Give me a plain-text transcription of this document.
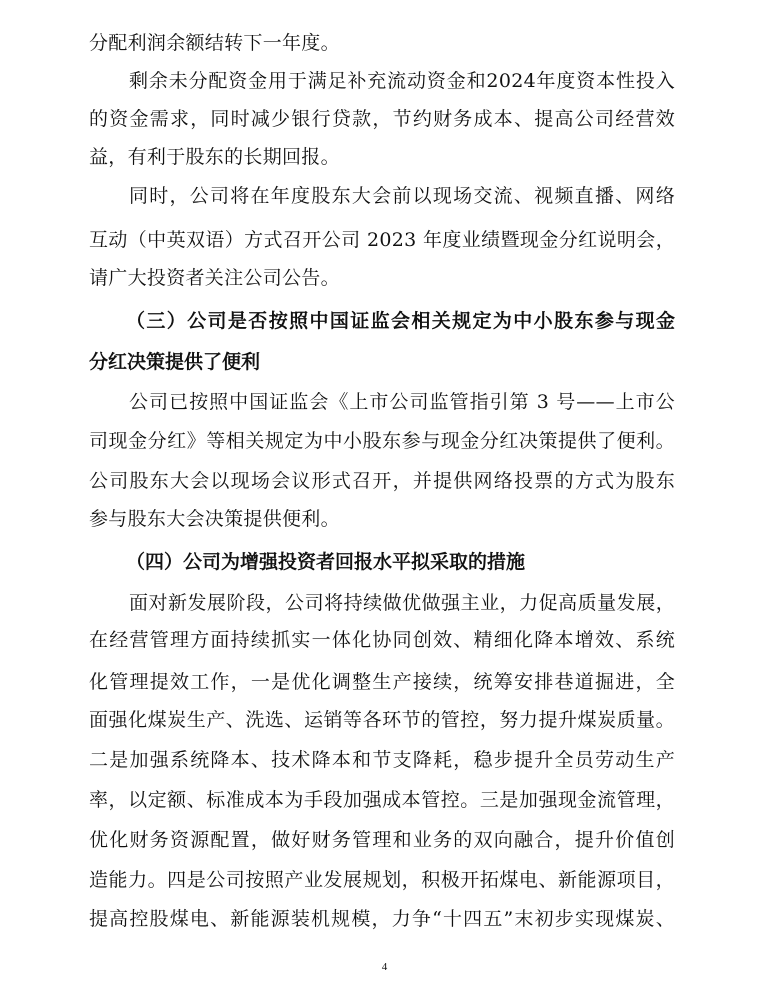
分配利润余额结转下一年度。
剩余未分配资金用于满足补充流动资金和2024年度资本性投入
的资金需求，同时减少银行贷款，节约财务成本、提高公司经营效
益，有利于股东的长期回报。
同时，公司将在年度股东大会前以现场交流、视频直播、网络
互动（中英双语）方式召开公司 2023 年度业绩暨现金分红说明会，
请广大投资者关注公司公告。
（三）公司是否按照中国证监会相关规定为中小股东参与现金
分红决策提供了便利
公司已按照中国证监会《上市公司监管指引第 3 号——上市公
司现金分红》等相关规定为中小股东参与现金分红决策提供了便利。
公司股东大会以现场会议形式召开，并提供网络投票的方式为股东
参与股东大会决策提供便利。
（四）公司为增强投资者回报水平拟采取的措施
面对新发展阶段，公司将持续做优做强主业，力促高质量发展，
在经营管理方面持续抓实一体化协同创效、精细化降本增效、系统
化管理提效工作，一是优化调整生产接续，统筹安排巷道掘进，全
面强化煤炭生产、洗选、运销等各环节的管控，努力提升煤炭质量。
二是加强系统降本、技术降本和节支降耗，稳步提升全员劳动生产
率，以定额、标准成本为手段加强成本管控。三是加强现金流管理，
优化财务资源配置，做好财务管理和业务的双向融合，提升价值创
造能力。四是公司按照产业发展规划，积极开拓煤电、新能源项目，
提高控股煤电、新能源装机规模，力争“十四五”末初步实现煤炭、
4
